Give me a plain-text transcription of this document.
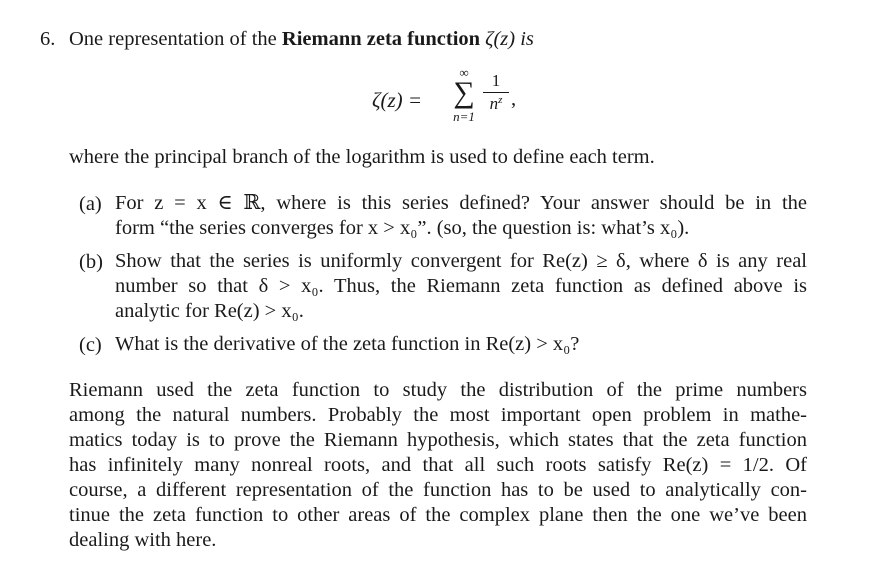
6. One representation of the Riemann zeta function ζ(z) is
ζ(z) =
∞
∑
n=1
1
$n^z$ ,
where the principal branch of the logarithm is used to define each term.
(a) For z = x ∈ ℝ, where is this series defined? Your answer should be in the
form “the series converges for x > x₀”. (so, the question is: what’s x₀).
(b) Show that the series is uniformly convergent for Re(z) ≥ δ, where δ is any real
number so that δ > x₀. Thus, the Riemann zeta function as defined above is
analytic for Re(z) > x₀.
(c) What is the derivative of the zeta function in Re(z) > x₀?
Riemann used the zeta function to study the distribution of the prime numbers
among the natural numbers. Probably the most important open problem in mathe-
matics today is to prove the Riemann hypothesis, which states that the zeta function
has infinitely many nonreal roots, and that all such roots satisfy Re(z) = 1/2. Of
course, a different representation of the function has to be used to analytically con-
tinue the zeta function to other areas of the complex plane then the one we’ve been
dealing with here.
